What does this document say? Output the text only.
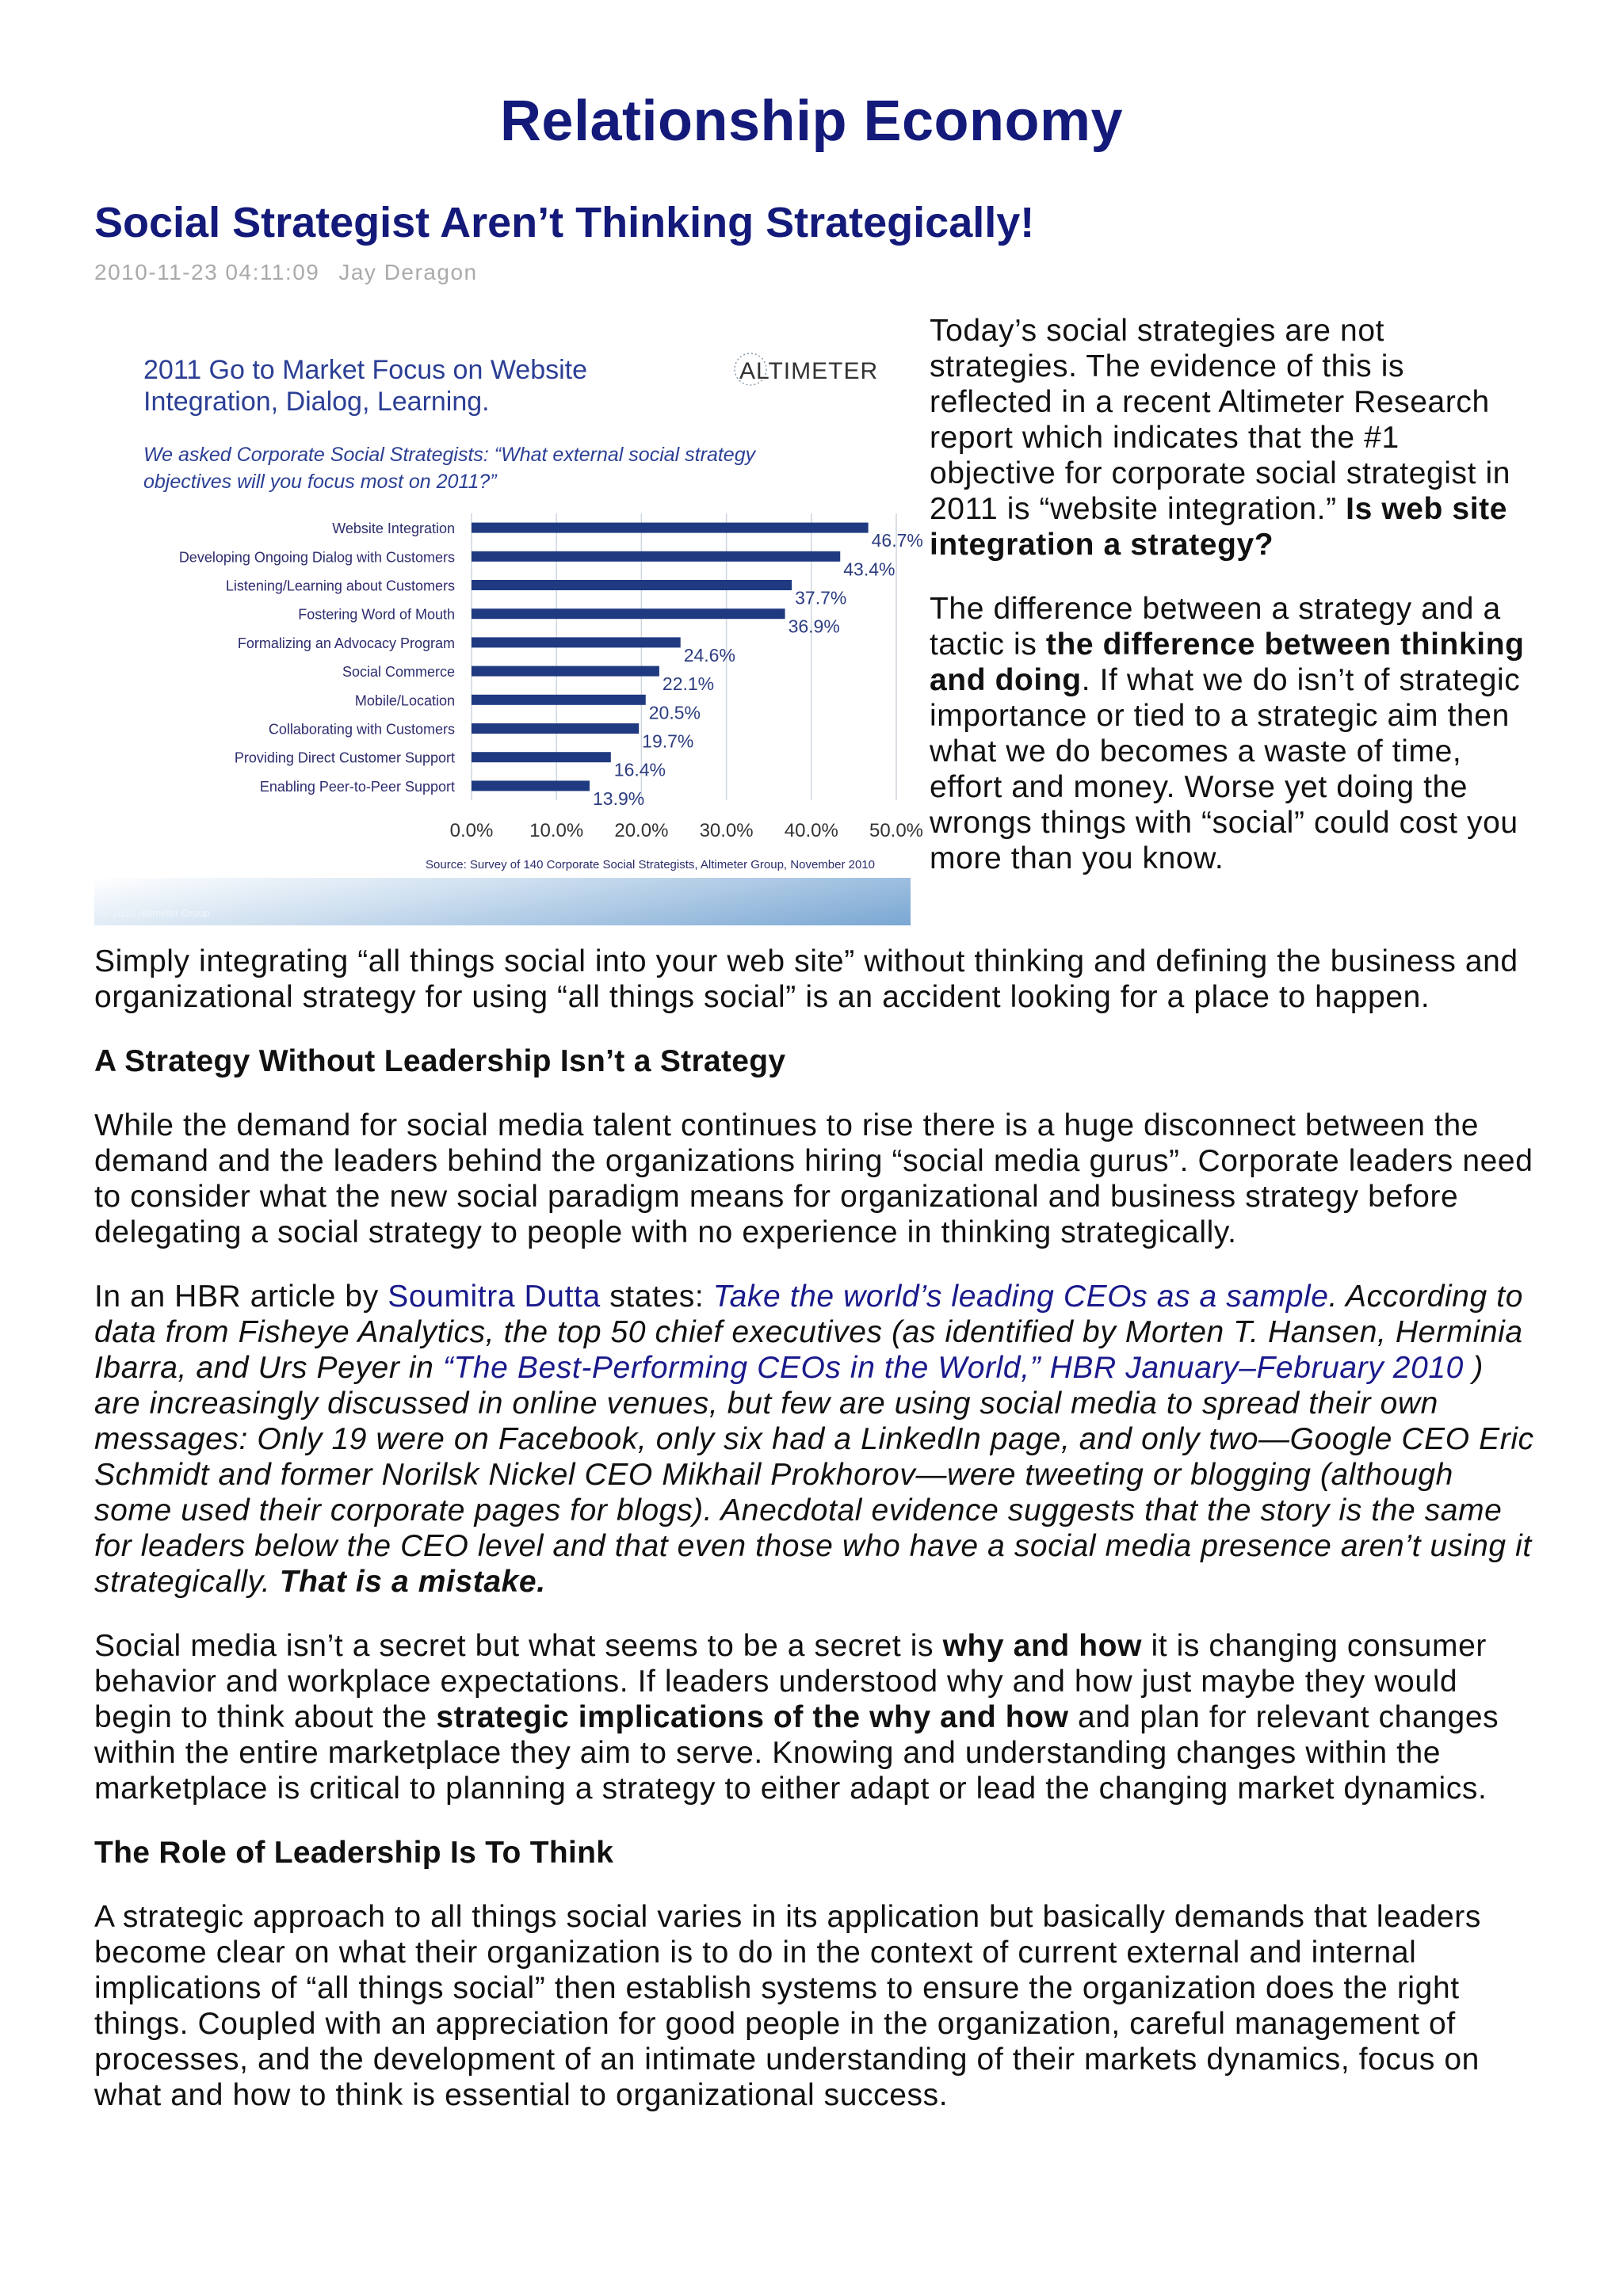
Relationship Economy
Social Strategist Aren’t Thinking Strategically!
2010-11-23 04:11:09 Jay Deragon
2011 Go to Market Focus on Website
Integration, Dialog, Learning.
ALTIMETER
We asked Corporate Social Strategists: “What external social strategy
objectives will you focus most on 2011?”
0.0% 10.0% 20.0% 30.0% 40.0% 50.0%
Website Integration
46.7%
Developing Ongoing Dialog with Customers
43.4%
Listening/Learning about Customers
37.7%
Fostering Word of Mouth
36.9%
Formalizing an Advocacy Program
24.6%
Social Commerce
22.1%
Mobile/Location
20.5%
Collaborating with Customers
19.7%
Providing Direct Customer Support
16.4%
Enabling Peer-to-Peer Support
13.9%
Source: Survey of 140 Corporate Social Strategists, Altimeter Group, November 2010
© 2010 Altimeter Group

Today’s social strategies are not strategies. The evidence of this is reflected in a recent Altimeter Research report which indicates that the #1 objective for corporate social strategist in 2011 is “website integration.” Is web site integration a strategy?

The difference between a strategy and a tactic is the difference between thinking and doing. If what we do isn’t of strategic importance or tied to a strategic aim then what we do becomes a waste of time, effort and money. Worse yet doing the wrongs things with “social” could cost you more than you know.

Simply integrating “all things social into your web site” without thinking and defining the business and organizational strategy for using “all things social” is an accident looking for a place to happen.

A Strategy Without Leadership Isn’t a Strategy

While the demand for social media talent continues to rise there is a huge disconnect between the demand and the leaders behind the organizations hiring “social media gurus”. Corporate leaders need to consider what the new social paradigm means for organizational and business strategy before delegating a social strategy to people with no experience in thinking strategically.

In an HBR article by Soumitra Dutta states: Take the world’s leading CEOs as a sample. According to data from Fisheye Analytics, the top 50 chief executives (as identified by Morten T. Hansen, Herminia Ibarra, and Urs Peyer in “The Best-Performing CEOs in the World,” HBR January–February 2010 ) are increasingly discussed in online venues, but few are using social media to spread their own messages: Only 19 were on Facebook, only six had a LinkedIn page, and only two—Google CEO Eric Schmidt and former Norilsk Nickel CEO Mikhail Prokhorov—were tweeting or blogging (although some used their corporate pages for blogs). Anecdotal evidence suggests that the story is the same for leaders below the CEO level and that even those who have a social media presence aren’t using it strategically. That is a mistake.

Social media isn’t a secret but what seems to be a secret is why and how it is changing consumer behavior and workplace expectations. If leaders understood why and how just maybe they would begin to think about the strategic implications of the why and how and plan for relevant changes within the entire marketplace they aim to serve. Knowing and understanding changes within the marketplace is critical to planning a strategy to either adapt or lead the changing market dynamics.

The Role of Leadership Is To Think

A strategic approach to all things social varies in its application but basically demands that leaders become clear on what their organization is to do in the context of current external and internal implications of “all things social” then establish systems to ensure the organization does the right things. Coupled with an appreciation for good people in the organization, careful management of processes, and the development of an intimate understanding of their markets dynamics, focus on what and how to think is essential to organizational success.
